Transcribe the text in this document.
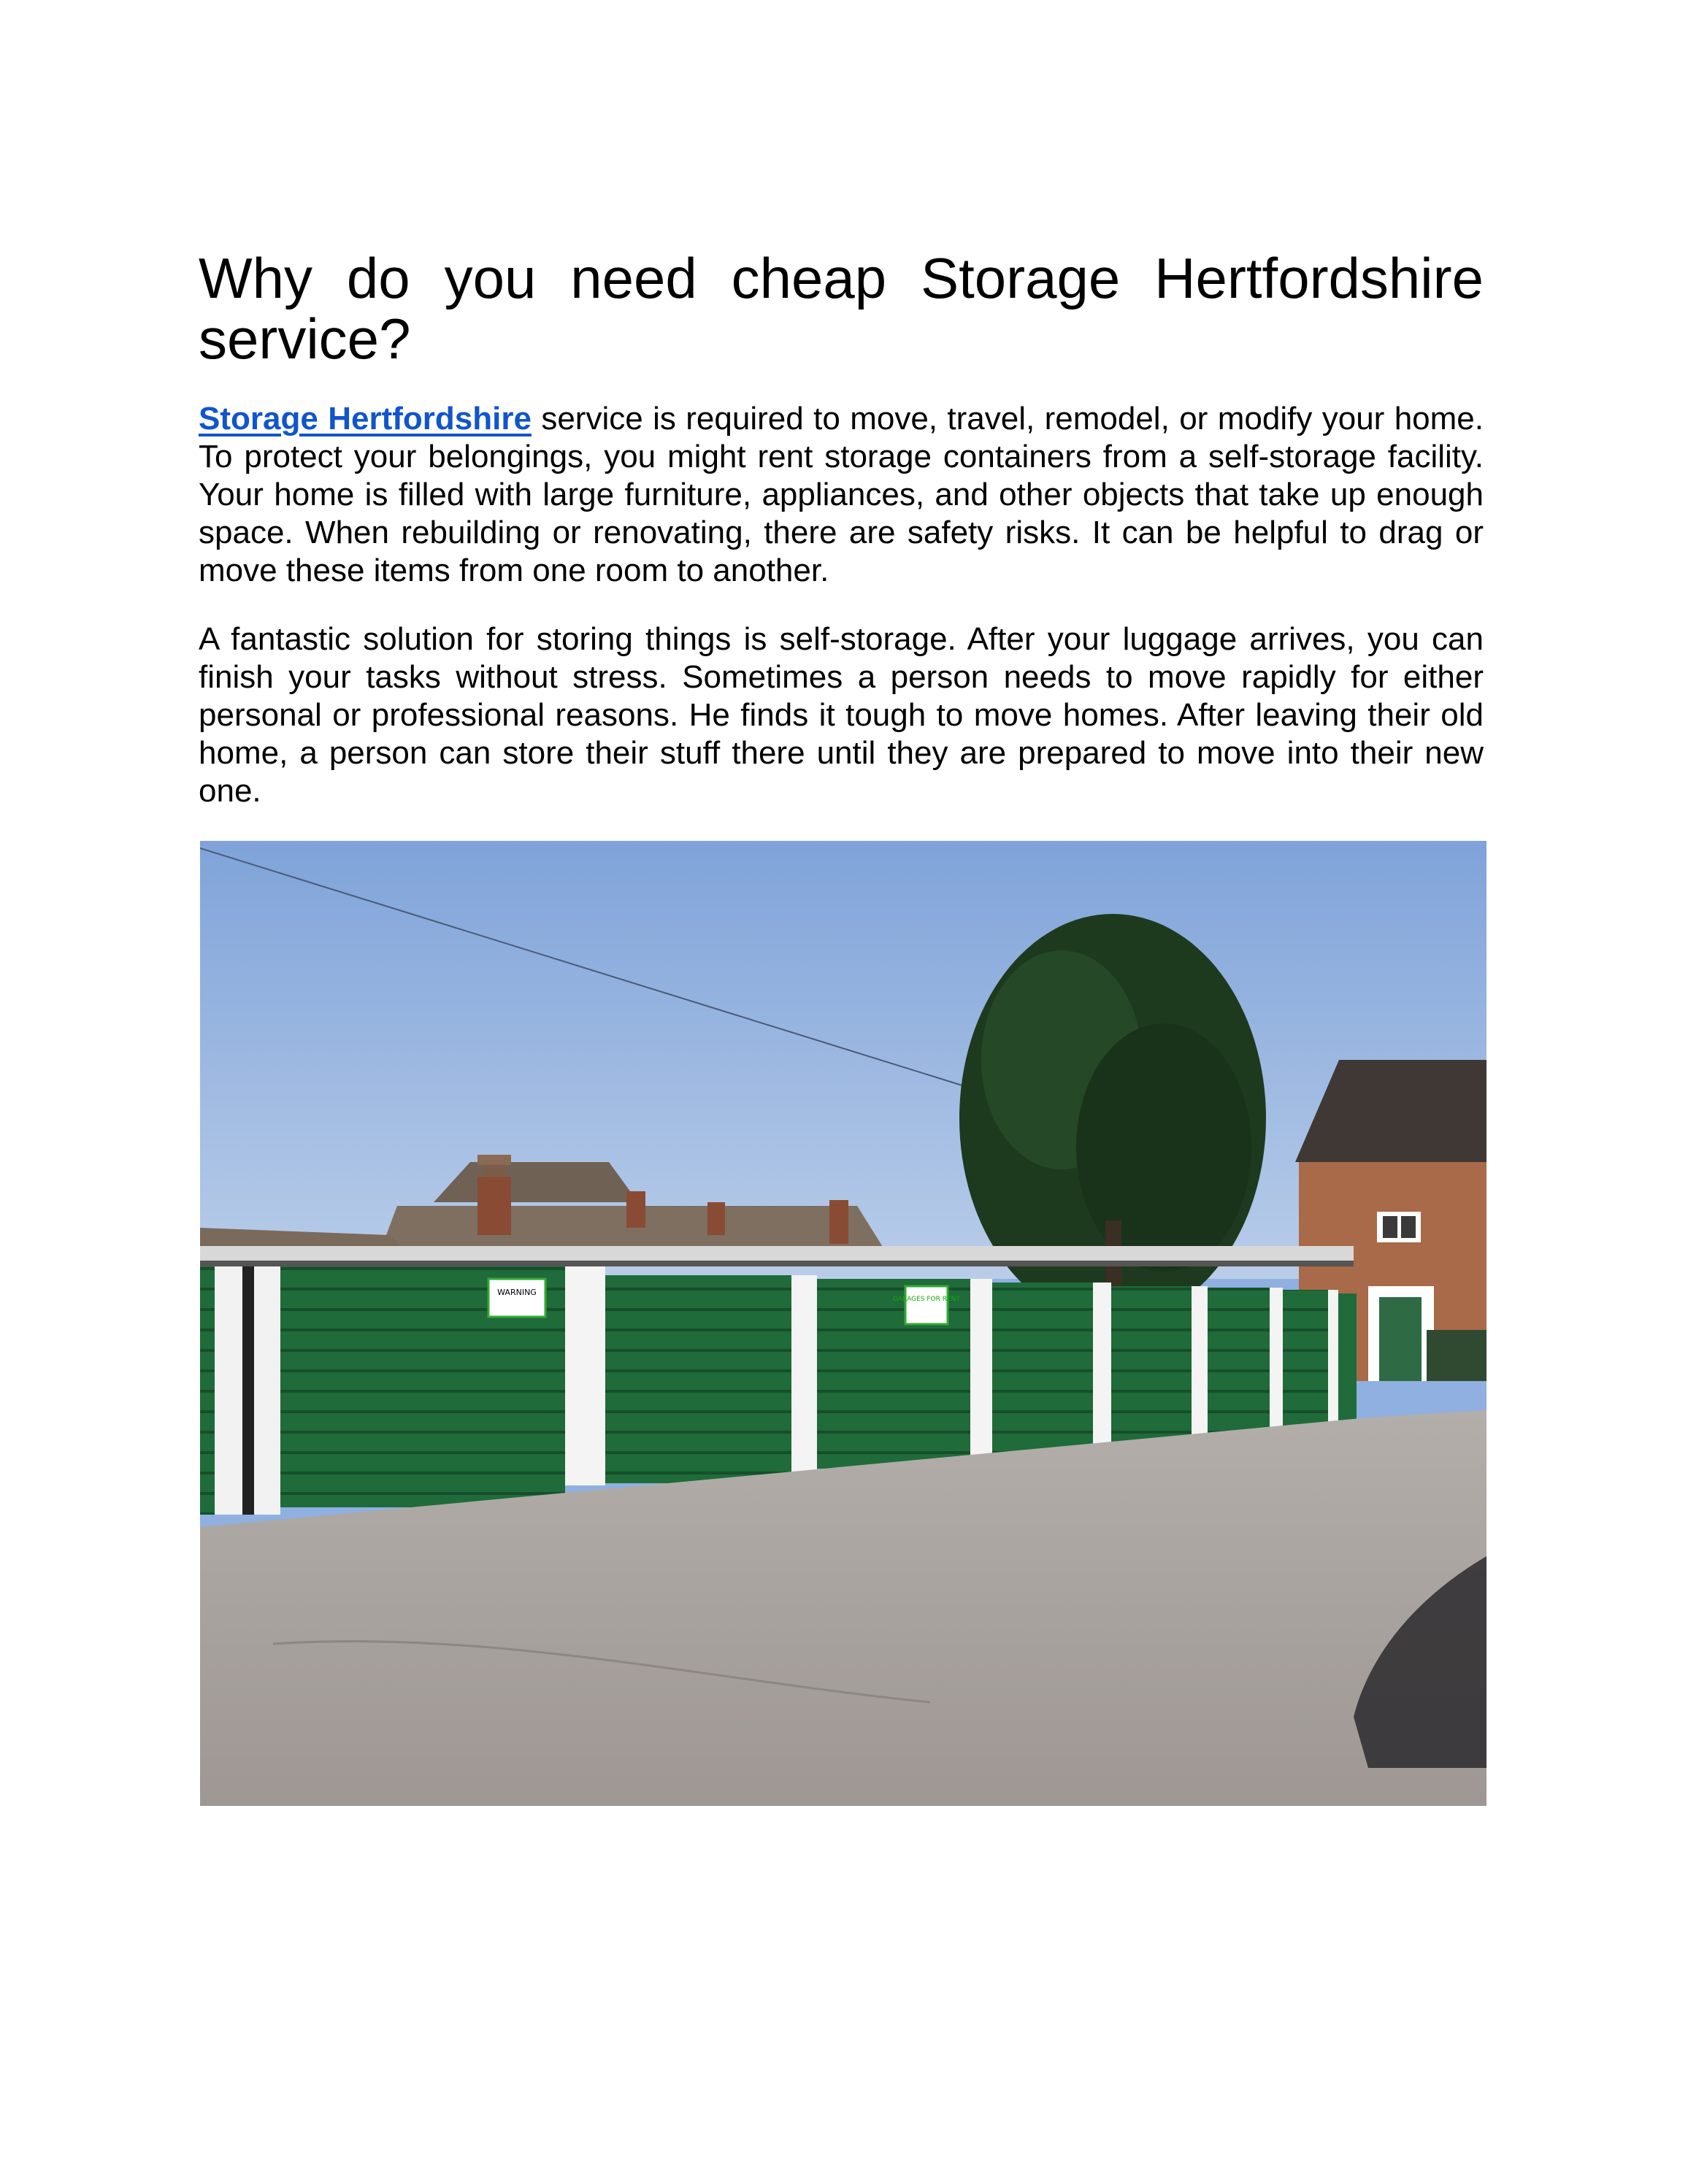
Why do you need cheap Storage Hertfordshire service?

Storage Hertfordshire service is required to move, travel, remodel, or modify your home. To protect your belongings, you might rent storage containers from a self-storage facility. Your home is filled with large furniture, appliances, and other objects that take up enough space. When rebuilding or renovating, there are safety risks. It can be helpful to drag or move these items from one room to another.

A fantastic solution for storing things is self-storage. After your luggage arrives, you can finish your tasks without stress. Sometimes a person needs to move rapidly for either personal or professional reasons. He finds it tough to move homes. After leaving their old home, a person can store their stuff there until they are prepared to move into their new one.

WARNING
GARAGES FOR RENT
